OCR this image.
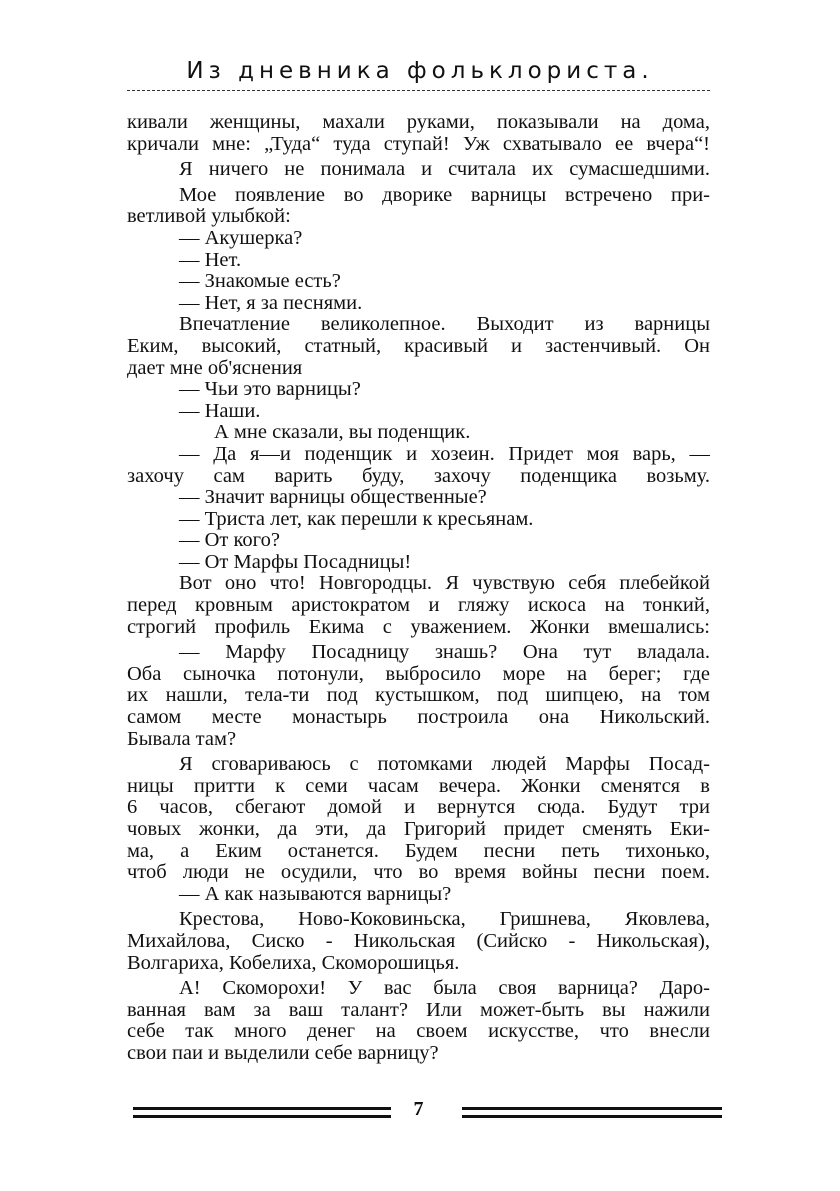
Из дневника фольклориста.
кивали женщины, махали руками, показывали на дома,
кричали мне: „Туда“ туда ступай! Уж схватывало ее вчера“!
Я ничего не понимала и считала их сумасшедшими.
Мое появление во дворике варницы встречено при-
ветливой улыбкой:
— Акушерка?
— Нет.
— Знакомые есть?
— Нет, я за песнями.
Впечатление великолепное. Выходит из варницы
Еким, высокий, статный, красивый и застенчивый. Он
дает мне об'яснения
— Чьи это варницы?
— Наши.
А мне сказали, вы поденщик.
— Да я—и поденщик и хозеин. Придет моя варь, —
захочу сам варить буду, захочу поденщика возьму.
— Значит варницы общественные?
— Триста лет, как перешли к кресьянам.
— От кого?
— От Марфы Посадницы!
Вот оно что! Новгородцы. Я чувствую себя плебейкой
перед кровным аристократом и гляжу искоса на тонкий,
строгий профиль Екима с уважением. Жонки вмешались:
— Марфу Посадницу знашь? Она тут владала.
Оба сыночка потонули, выбросило море на берег; где
их нашли, тела-ти под кустышком, под шипцею, на том
самом месте монастырь построила она Никольский.
Бывала там?
Я сговариваюсь с потомками людей Марфы Посад-
ницы притти к семи часам вечера. Жонки сменятся в
6 часов, сбегают домой и вернутся сюда. Будут три
човых жонки, да эти, да Григорий придет сменять Еки-
ма, а Еким останется. Будем песни петь тихонько,
чтоб люди не осудили, что во время войны песни поем.
— А как называются варницы?
Крестова, Ново-Коковиньска, Гришнева, Яковлева,
Михайлова, Сиско - Никольская (Сийско - Никольская),
Волгариха, Кобелиха, Скоморошицья.
А! Скоморохи! У вас была своя варница? Даро-
ванная вам за ваш талант? Или может-быть вы нажили
себе так много денег на своем искусстве, что внесли
свои паи и выделили себе варницу?
7
